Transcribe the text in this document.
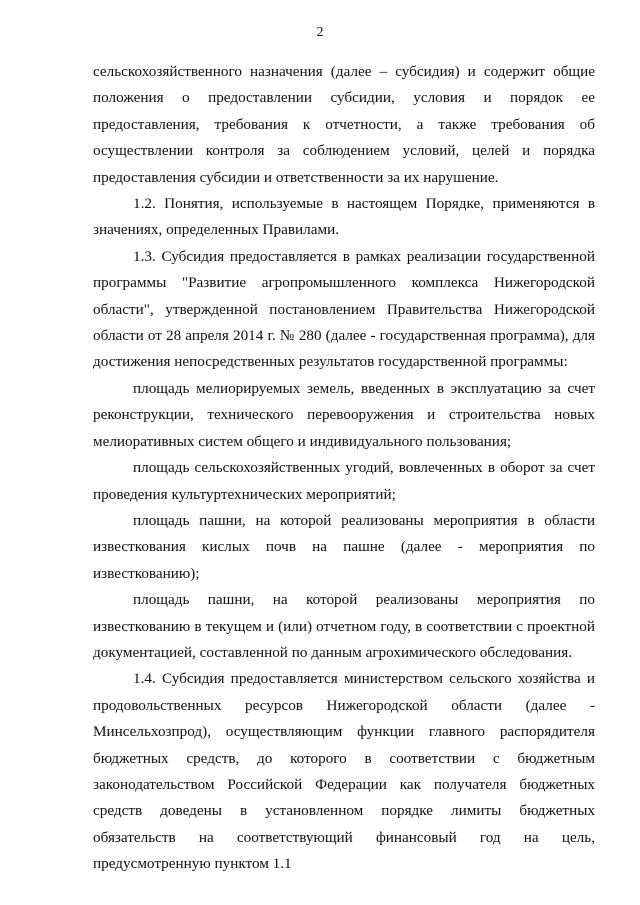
2

сельскохозяйственного назначения (далее – субсидия) и содержит общие положения о предоставлении субсидии, условия и порядок ее предоставления, требования к отчетности, а также требования об осуществлении контроля за соблюдением условий, целей и порядка предоставления субсидии и ответственности за их нарушение.

1.2. Понятия, используемые в настоящем Порядке, применяются в значениях, определенных Правилами.

1.3. Субсидия предоставляется в рамках реализации государственной программы "Развитие агропромышленного комплекса Нижегородской области", утвержденной постановлением Правительства Нижегородской области от 28 апреля 2014 г. № 280 (далее - государственная программа), для достижения непосредственных результатов государственной программы:

площадь мелиорируемых земель, введенных в эксплуатацию за счет реконструкции, технического перевооружения и строительства новых мелиоративных систем общего и индивидуального пользования;

площадь сельскохозяйственных угодий, вовлеченных в оборот за счет проведения культуртехнических мероприятий;

площадь пашни, на которой реализованы мероприятия в области известкования кислых почв на пашне (далее - мероприятия по известкованию);

площадь пашни, на которой реализованы мероприятия по известкованию в текущем и (или) отчетном году, в соответствии с проектной документацией, составленной по данным агрохимического обследования.

1.4. Субсидия предоставляется министерством сельского хозяйства и продовольственных ресурсов Нижегородской области (далее - Минсельхозпрод), осуществляющим функции главного распорядителя бюджетных средств, до которого в соответствии с бюджетным законодательством Российской Федерации как получателя бюджетных средств доведены в установленном порядке лимиты бюджетных обязательств на соответствующий финансовый год на цель, предусмотренную пунктом 1.1
